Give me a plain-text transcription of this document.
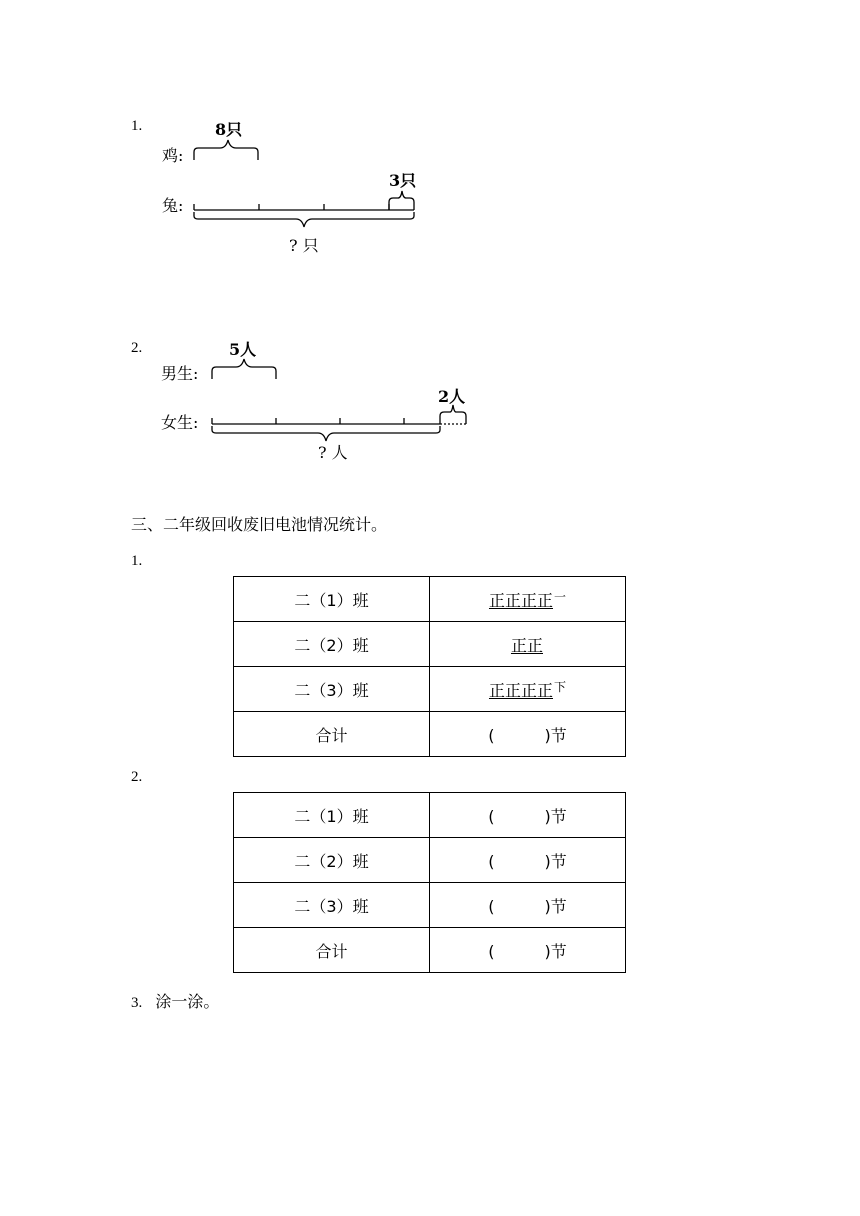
1.	8只
鸡:
3只
兔:
? 只
2.	5人
男生:
2人
女生:
? 人
三、二年级回收废旧电池情况统计。
1.
二（1）班	正正正正$^一$
二（2）班	正正
二（3）班	正正正正$^下$
合计	( )节
2.
二（1）班	( )节
二（2）班	( )节
二（3）班	( )节
合计	( )节
3. 涂一涂。
